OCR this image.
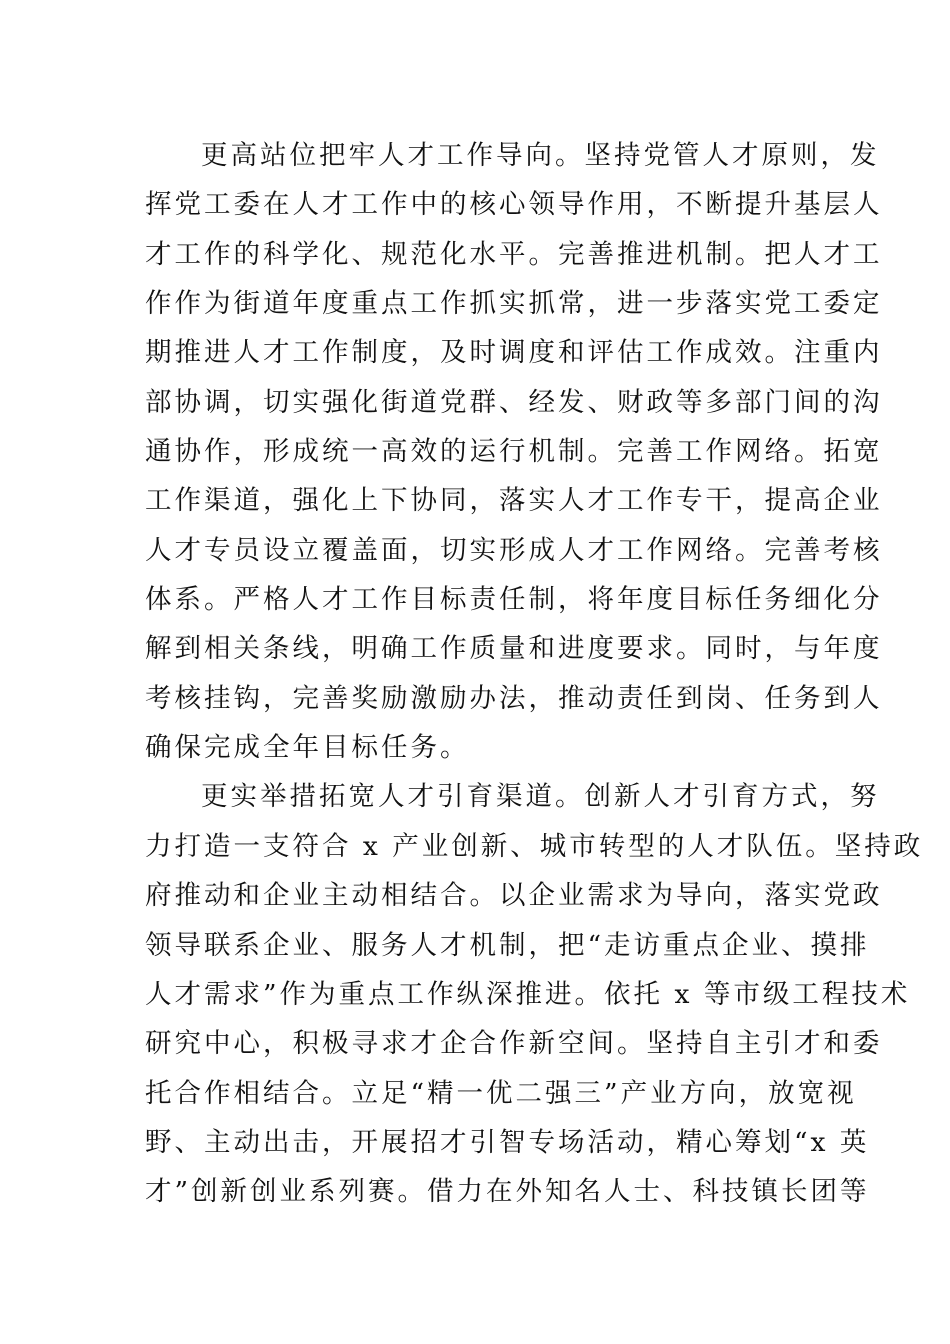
更高站位把牢人才工作导向。坚持党管人才原则，发
挥党工委在人才工作中的核心领导作用，不断提升基层人
才工作的科学化、规范化水平。完善推进机制。把人才工
作作为街道年度重点工作抓实抓常，进一步落实党工委定
期推进人才工作制度，及时调度和评估工作成效。注重内
部协调，切实强化街道党群、经发、财政等多部门间的沟
通协作，形成统一高效的运行机制。完善工作网络。拓宽
工作渠道，强化上下协同，落实人才工作专干，提高企业
人才专员设立覆盖面，切实形成人才工作网络。完善考核
体系。严格人才工作目标责任制，将年度目标任务细化分
解到相关条线，明确工作质量和进度要求。同时，与年度
考核挂钩，完善奖励激励办法，推动责任到岗、任务到人
确保完成全年目标任务。
更实举措拓宽人才引育渠道。创新人才引育方式，努
力打造一支符合 x 产业创新、城市转型的人才队伍。坚持政
府推动和企业主动相结合。以企业需求为导向，落实党政
领导联系企业、服务人才机制，把“走访重点企业、摸排
人才需求”作为重点工作纵深推进。依托 x 等市级工程技术
研究中心，积极寻求才企合作新空间。坚持自主引才和委
托合作相结合。立足“精一优二强三”产业方向，放宽视
野、主动出击，开展招才引智专场活动，精心筹划“x 英
才”创新创业系列赛。借力在外知名人士、科技镇长团等
